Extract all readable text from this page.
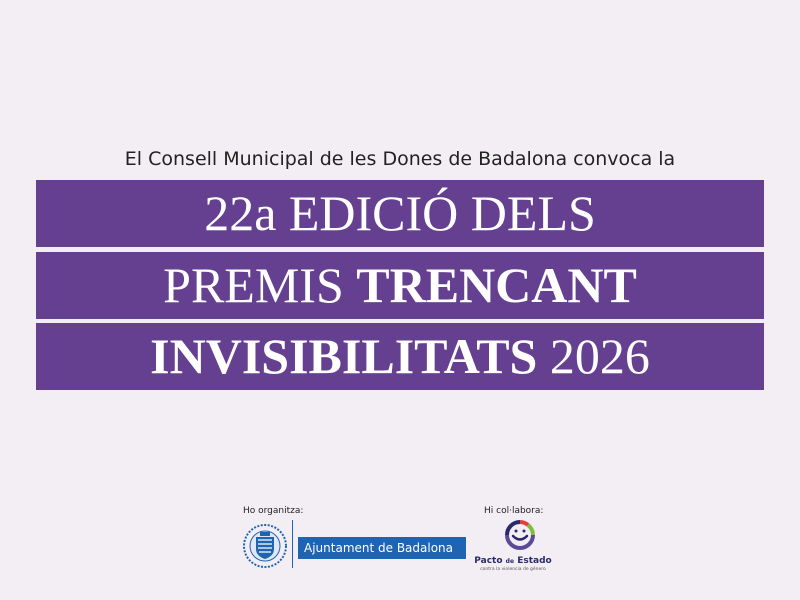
El Consell Municipal de les Dones de Badalona convoca la
22a EDICIÓ DELS
PREMIS TRENCANT
INVISIBILITATS 2026
Ho organitza:	Hi col·labora:
Ajuntament de Badalona
Pacto de Estado
contra la violencia de género
